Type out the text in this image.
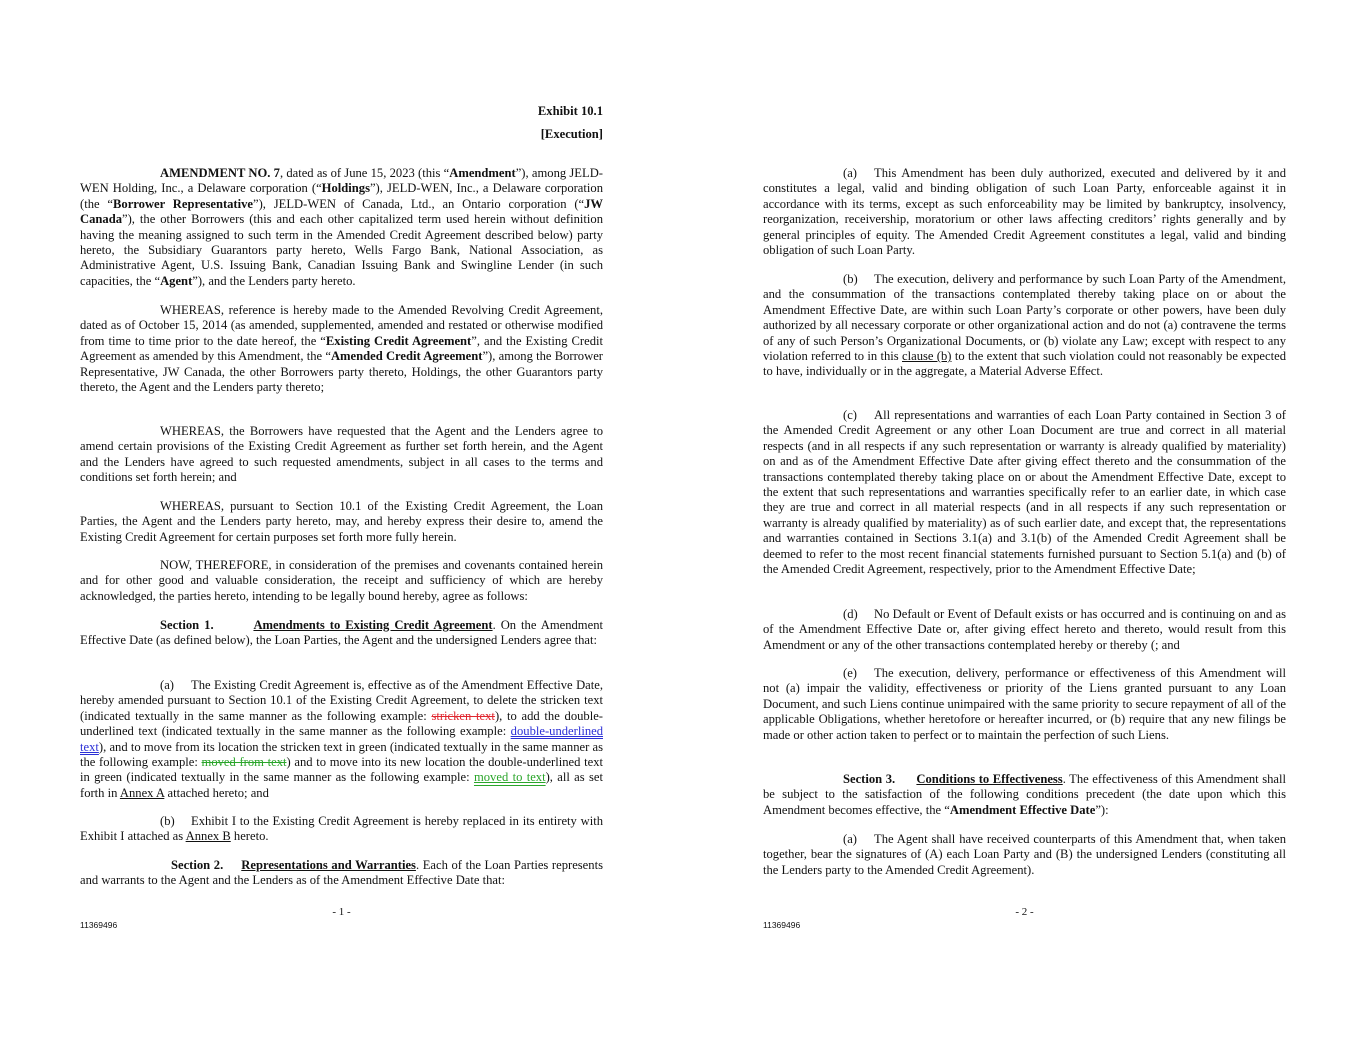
Exhibit 10.1
[Execution]

AMENDMENT NO. 7, dated as of June 15, 2023 (this “Amendment”), among JELD-WEN Holding, Inc., a Delaware corporation (“Holdings”), JELD-WEN, Inc., a Delaware corporation (the “Borrower Representative”), JELD-WEN of Canada, Ltd., an Ontario corporation (“JW Canada”), the other Borrowers (this and each other capitalized term used herein without definition having the meaning assigned to such term in the Amended Credit Agreement described below) party hereto, the Subsidiary Guarantors party hereto, Wells Fargo Bank, National Association, as Administrative Agent, U.S. Issuing Bank, Canadian Issuing Bank and Swingline Lender (in such capacities, the “Agent”), and the Lenders party hereto.

WHEREAS, reference is hereby made to the Amended Revolving Credit Agreement, dated as of October 15, 2014 (as amended, supplemented, amended and restated or otherwise modified from time to time prior to the date hereof, the “Existing Credit Agreement”, and the Existing Credit Agreement as amended by this Amendment, the “Amended Credit Agreement”), among the Borrower Representative, JW Canada, the other Borrowers party thereto, Holdings, the other Guarantors party thereto, the Agent and the Lenders party thereto;

WHEREAS, the Borrowers have requested that the Agent and the Lenders agree to amend certain provisions of the Existing Credit Agreement as further set forth herein, and the Agent and the Lenders have agreed to such requested amendments, subject in all cases to the terms and conditions set forth herein; and

WHEREAS, pursuant to Section 10.1 of the Existing Credit Agreement, the Loan Parties, the Agent and the Lenders party hereto, may, and hereby express their desire to, amend the Existing Credit Agreement for certain purposes set forth more fully herein.

NOW, THEREFORE, in consideration of the premises and covenants contained herein and for other good and valuable consideration, the receipt and sufficiency of which are hereby acknowledged, the parties hereto, intending to be legally bound hereby, agree as follows:

Section 1.	Amendments to Existing Credit Agreement. On the Amendment Effective Date (as defined below), the Loan Parties, the Agent and the undersigned Lenders agree that:

(a) The Existing Credit Agreement is, effective as of the Amendment Effective Date, hereby amended pursuant to Section 10.1 of the Existing Credit Agreement, to delete the stricken text (indicated textually in the same manner as the following example: stricken text), to add the double-underlined text (indicated textually in the same manner as the following example: double-underlined text), and to move from its location the stricken text in green (indicated textually in the same manner as the following example: moved from text) and to move into its new location the double-underlined text in green (indicated textually in the same manner as the following example: moved to text), all as set forth in Annex A attached hereto; and

(b) Exhibit I to the Existing Credit Agreement is hereby replaced in its entirety with Exhibit I attached as Annex B hereto.

Section 2. Representations and Warranties. Each of the Loan Parties represents and warrants to the Agent and the Lenders as of the Amendment Effective Date that:

- 1 -
11369496

(a) This Amendment has been duly authorized, executed and delivered by it and constitutes a legal, valid and binding obligation of such Loan Party, enforceable against it in accordance with its terms, except as such enforceability may be limited by bankruptcy, insolvency, reorganization, receivership, moratorium or other laws affecting creditors’ rights generally and by general principles of equity. The Amended Credit Agreement constitutes a legal, valid and binding obligation of such Loan Party.

(b) The execution, delivery and performance by such Loan Party of the Amendment, and the consummation of the transactions contemplated thereby taking place on or about the Amendment Effective Date, are within such Loan Party’s corporate or other powers, have been duly authorized by all necessary corporate or other organizational action and do not (a) contravene the terms of any of such Person’s Organizational Documents, or (b) violate any Law; except with respect to any violation referred to in this clause (b) to the extent that such violation could not reasonably be expected to have, individually or in the aggregate, a Material Adverse Effect.

(c) All representations and warranties of each Loan Party contained in Section 3 of the Amended Credit Agreement or any other Loan Document are true and correct in all material respects (and in all respects if any such representation or warranty is already qualified by materiality) on and as of the Amendment Effective Date after giving effect thereto and the consummation of the transactions contemplated thereby taking place on or about the Amendment Effective Date, except to the extent that such representations and warranties specifically refer to an earlier date, in which case they are true and correct in all material respects (and in all respects if any such representation or warranty is already qualified by materiality) as of such earlier date, and except that, the representations and warranties contained in Sections 3.1(a) and 3.1(b) of the Amended Credit Agreement shall be deemed to refer to the most recent financial statements furnished pursuant to Section 5.1(a) and (b) of the Amended Credit Agreement, respectively, prior to the Amendment Effective Date;

(d) No Default or Event of Default exists or has occurred and is continuing on and as of the Amendment Effective Date or, after giving effect hereto and thereto, would result from this Amendment or any of the other transactions contemplated hereby or thereby (; and

(e) The execution, delivery, performance or effectiveness of this Amendment will not (a) impair the validity, effectiveness or priority of the Liens granted pursuant to any Loan Document, and such Liens continue unimpaired with the same priority to secure repayment of all of the applicable Obligations, whether heretofore or hereafter incurred, or (b) require that any new filings be made or other action taken to perfect or to maintain the perfection of such Liens.

Section 3. Conditions to Effectiveness. The effectiveness of this Amendment shall be subject to the satisfaction of the following conditions precedent (the date upon which this Amendment becomes effective, the “Amendment Effective Date”):

(a) The Agent shall have received counterparts of this Amendment that, when taken together, bear the signatures of (A) each Loan Party and (B) the undersigned Lenders (constituting all the Lenders party to the Amended Credit Agreement).

- 2 -
11369496
